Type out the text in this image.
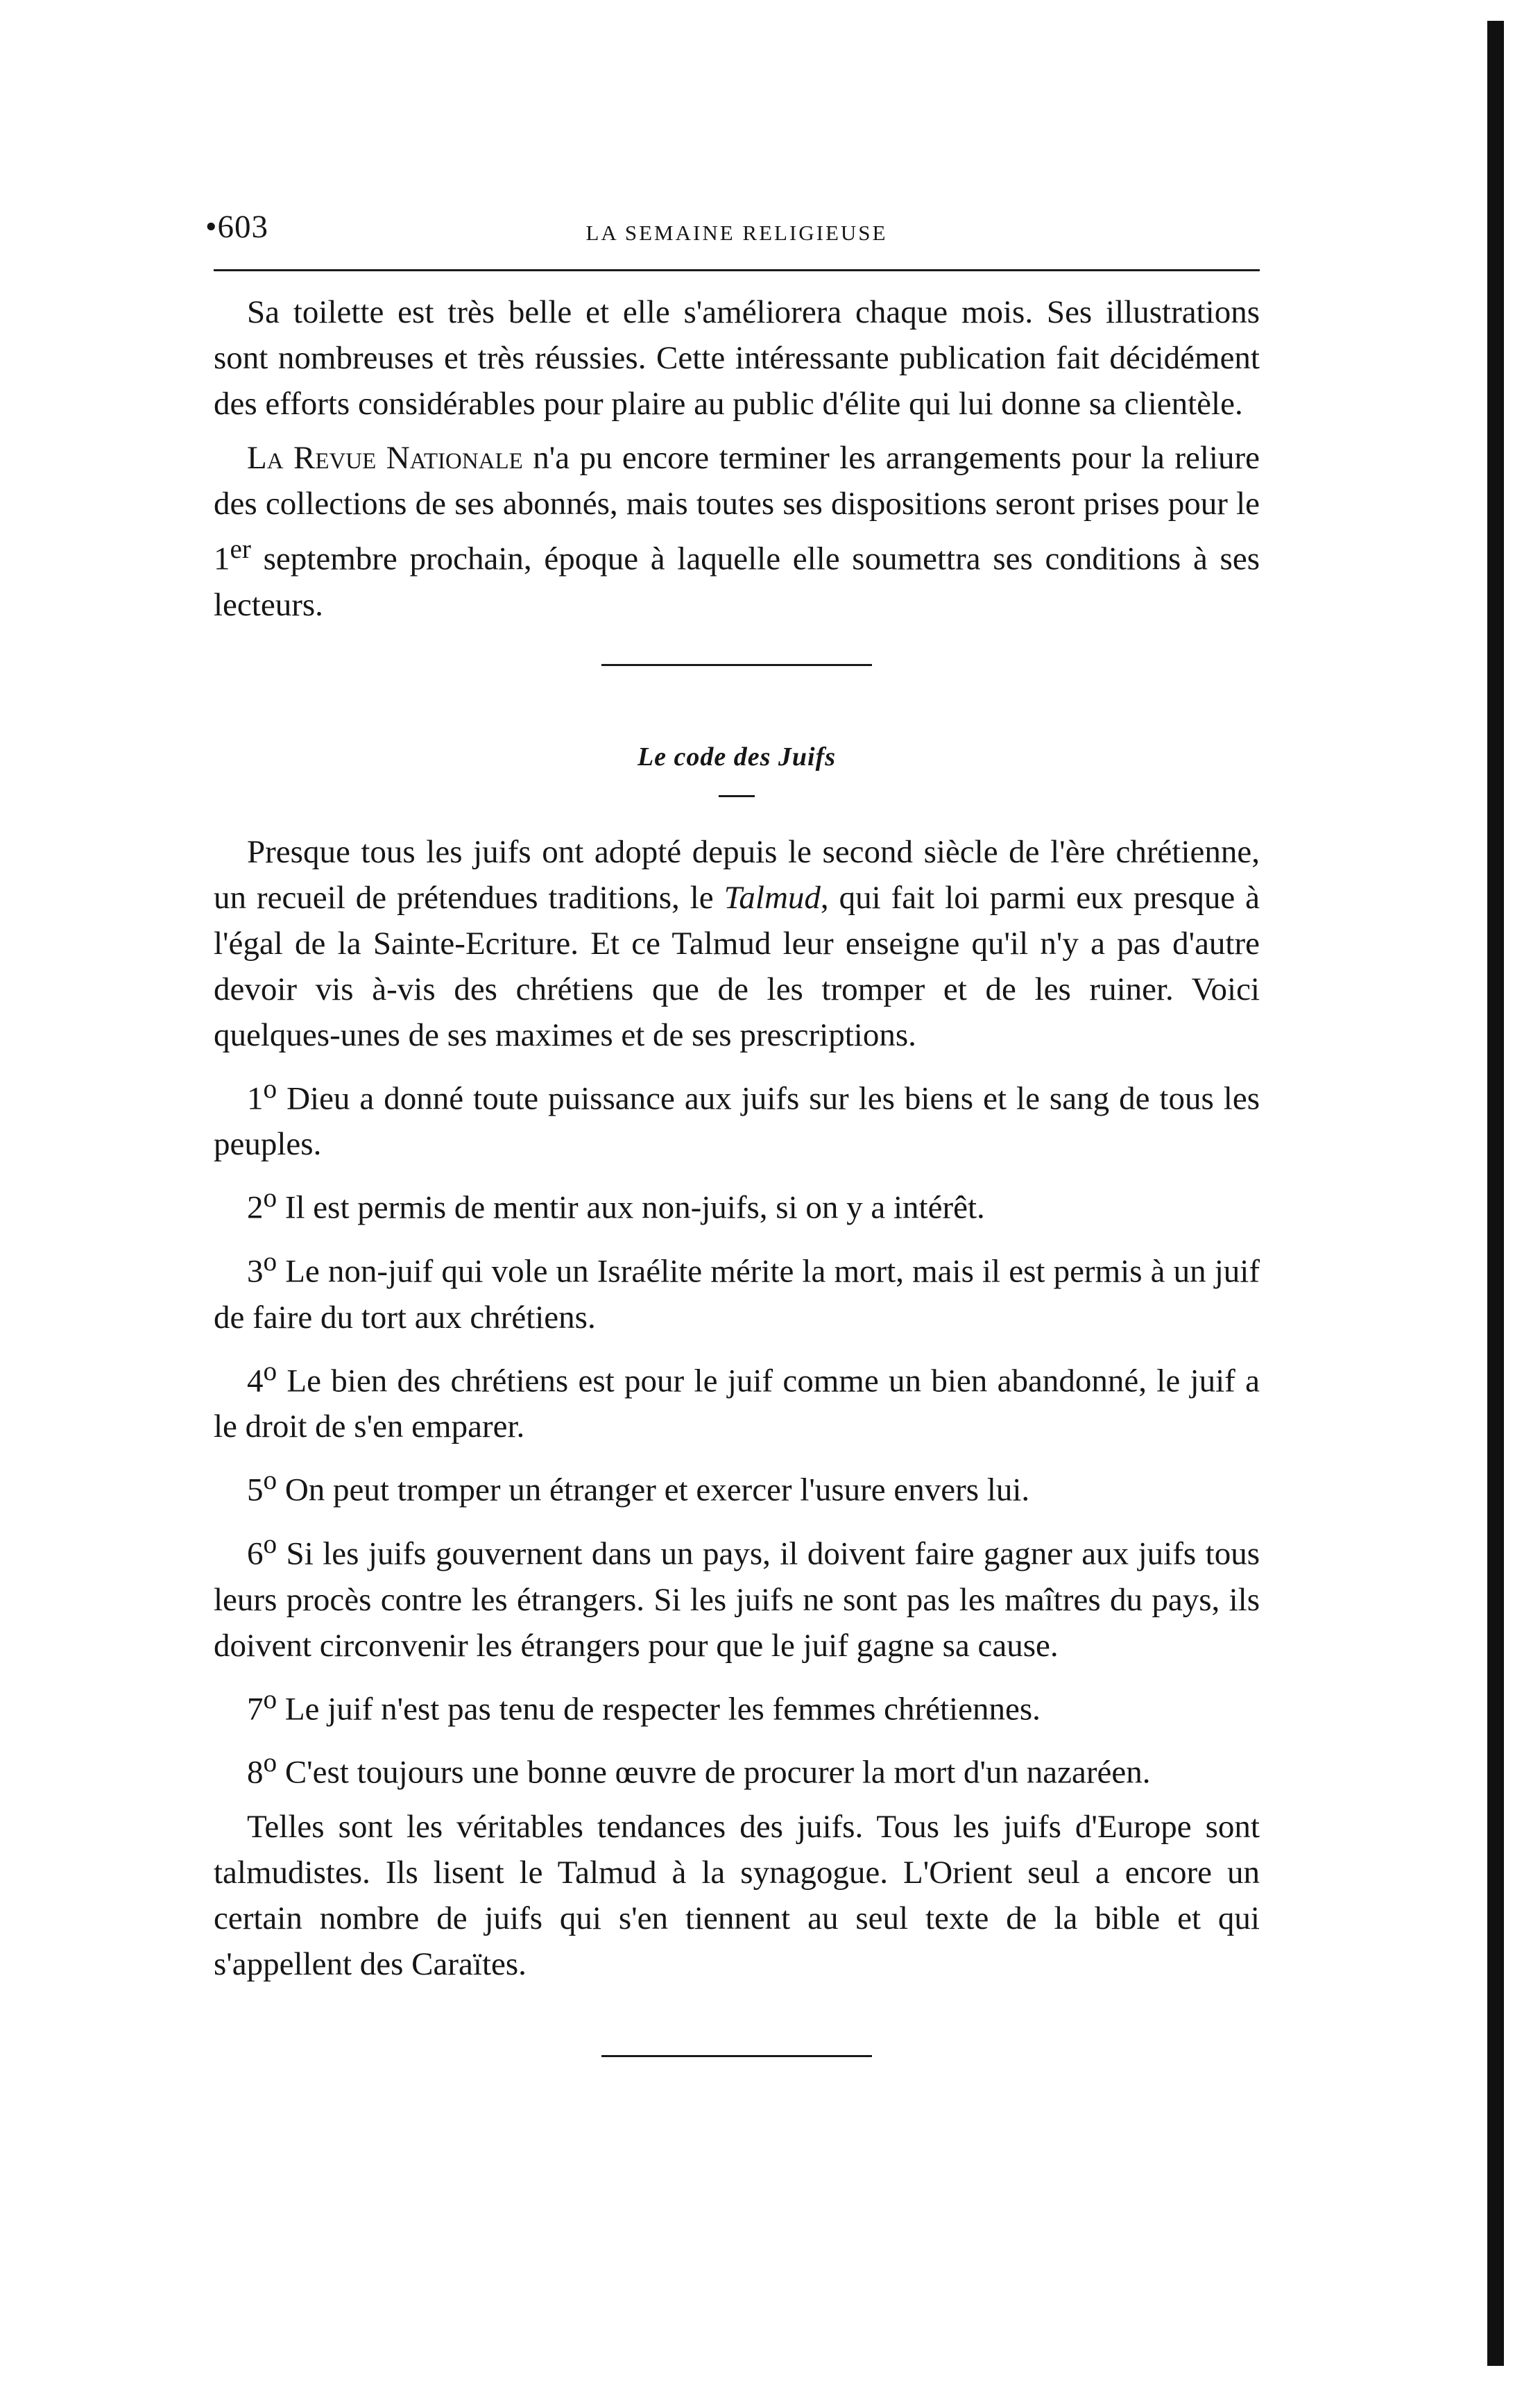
•603	LA SEMAINE RELIGIEUSE

Sa toilette est très belle et elle s'améliorera chaque mois. Ses illustrations sont nombreuses et très réussies. Cette intéressante publication fait décidément des efforts considérables pour plaire au public d'élite qui lui donne sa clientèle.

La Revue Nationale n'a pu encore terminer les arrangements pour la reliure des collections de ses abonnés, mais toutes ses dispositions seront prises pour le 1er septembre prochain, époque à laquelle elle soumettra ses conditions à ses lecteurs.

Le code des Juifs

Presque tous les juifs ont adopté depuis le second siècle de l'ère chrétienne, un recueil de prétendues traditions, le Talmud, qui fait loi parmi eux presque à l'égal de la Sainte-Ecriture. Et ce Talmud leur enseigne qu'il n'y a pas d'autre devoir vis à-vis des chrétiens que de les tromper et de les ruiner. Voici quelques-unes de ses maximes et de ses prescriptions.

1$^o$ Dieu a donné toute puissance aux juifs sur les biens et le sang de tous les peuples.

2$^o$ Il est permis de mentir aux non-juifs, si on y a intérêt.

3$^o$ Le non-juif qui vole un Israélite mérite la mort, mais il est permis à un juif de faire du tort aux chrétiens.

4$^o$ Le bien des chrétiens est pour le juif comme un bien abandonné, le juif a le droit de s'en emparer.

5$^o$ On peut tromper un étranger et exercer l'usure envers lui.

6$^o$ Si les juifs gouvernent dans un pays, il doivent faire gagner aux juifs tous leurs procès contre les étrangers. Si les juifs ne sont pas les maîtres du pays, ils doivent circonvenir les étrangers pour que le juif gagne sa cause.

7$^o$ Le juif n'est pas tenu de respecter les femmes chrétiennes.

8$^o$ C'est toujours une bonne œuvre de procurer la mort d'un nazaréen.

Telles sont les véritables tendances des juifs. Tous les juifs d'Europe sont talmudistes. Ils lisent le Talmud à la synagogue. L'Orient seul a encore un certain nombre de juifs qui s'en tiennent au seul texte de la bible et qui s'appellent des Caraïtes.
